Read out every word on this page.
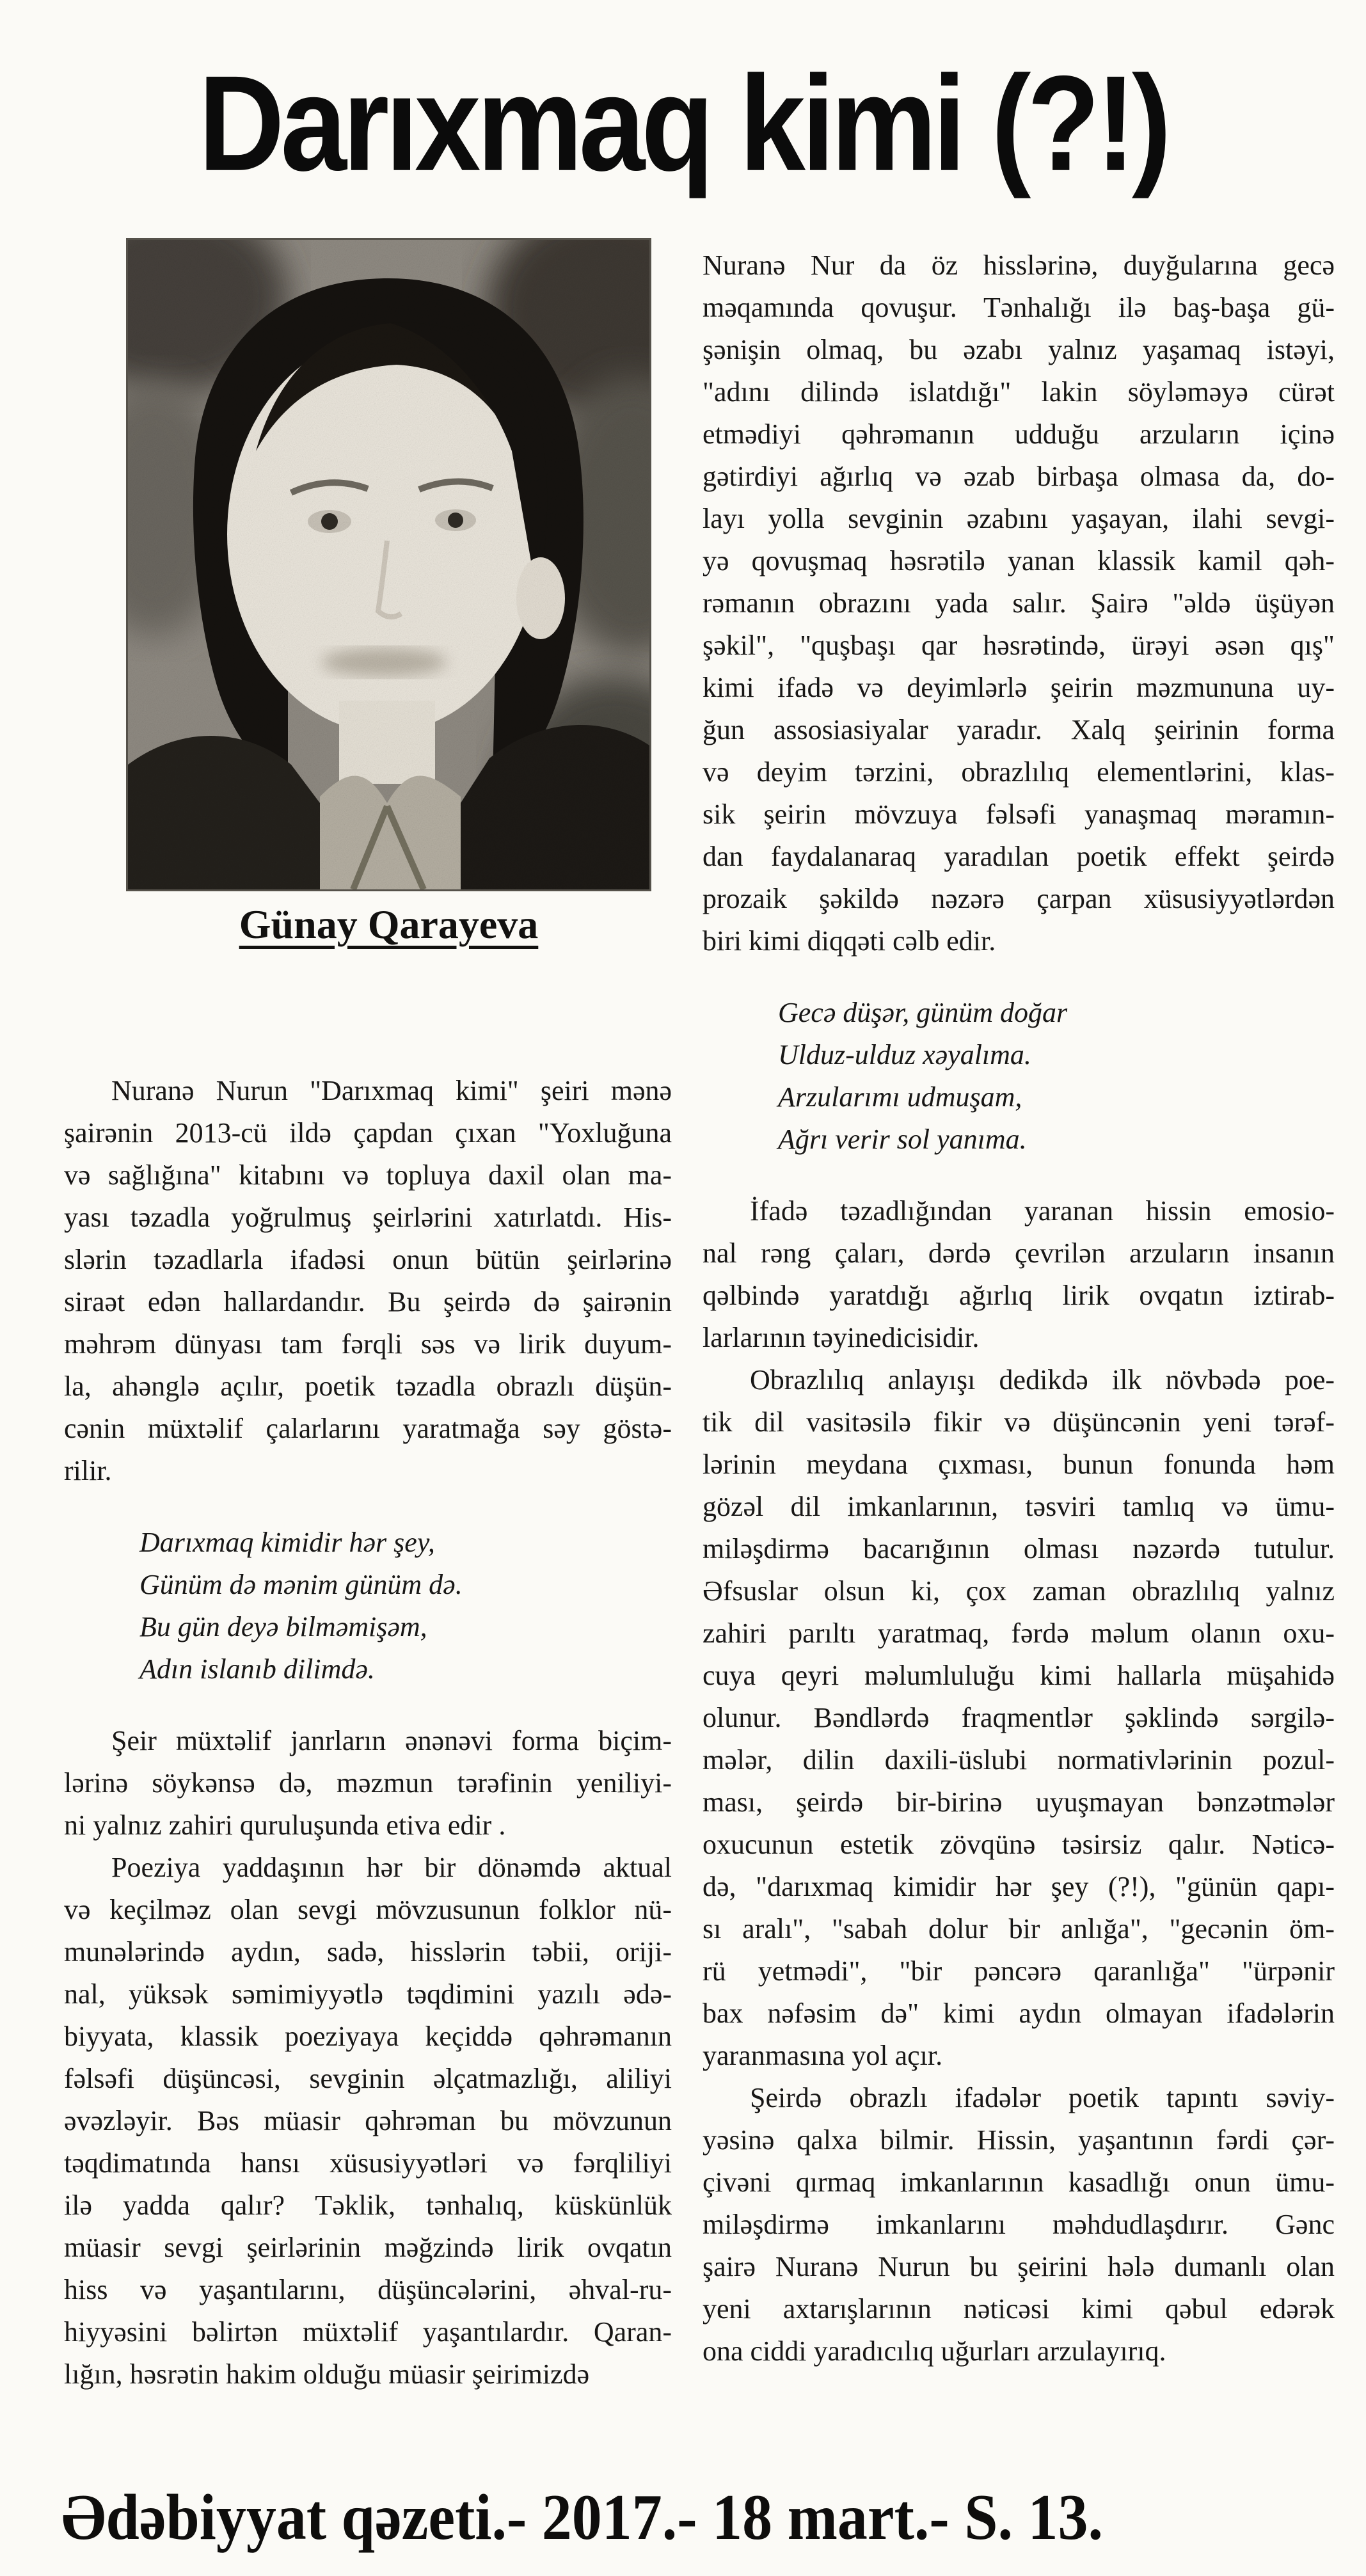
Darıxmaq kimi (?!)
Günay Qarayeva
Nuranə Nurun "Darıxmaq kimi" şeiri mənə
şairənin 2013-cü ildə çapdan çıxan "Yoxluğuna
və sağlığına" kitabını və topluya daxil olan ma-
yası təzadla yoğrulmuş şeirlərini xatırlatdı. His-
slərin təzadlarla ifadəsi onun bütün şeirlərinə
siraət edən hallardandır. Bu şeirdə də şairənin
məhrəm dünyası tam fərqli səs və lirik duyum-
la, ahənglə açılır, poetik təzadla obrazlı düşün-
cənin müxtəlif çalarlarını yaratmağa səy göstə-
rilir.
Darıxmaq kimidir hər şey,
Günüm də mənim günüm də.
Bu gün deyə bilməmişəm,
Adın islanıb dilimdə.
Şeir müxtəlif janrların ənənəvi forma biçim-
lərinə söykənsə də, məzmun tərəfinin yeniliyi-
ni yalnız zahiri quruluşunda etiva edir .
Poeziya yaddaşının hər bir dönəmdə aktual
və keçilməz olan sevgi mövzusunun folklor nü-
munələrində aydın, sadə, hisslərin təbii, oriji-
nal, yüksək səmimiyyətlə təqdimini yazılı ədə-
biyyata, klassik poeziyaya keçiddə qəhrəmanın
fəlsəfi düşüncəsi, sevginin əlçatmazlığı, aliliyi
əvəzləyir. Bəs müasir qəhrəman bu mövzunun
təqdimatında hansı xüsusiyyətləri və fərqliliyi
ilə yadda qalır? Təklik, tənhalıq, küskünlük
müasir sevgi şeirlərinin məğzində lirik ovqatın
hiss və yaşantılarını, düşüncələrini, əhval-ru-
hiyyəsini bəlirtən müxtəlif yaşantılardır. Qaran-
lığın, həsrətin hakim olduğu müasir şeirimizdə
Nuranə Nur da öz hisslərinə, duyğularına gecə
məqamında qovuşur. Tənhalığı ilə baş-başa gü-
şənişin olmaq, bu əzabı yalnız yaşamaq istəyi,
"adını dilində islatdığı" lakin söyləməyə cürət
etmədiyi qəhrəmanın udduğu arzuların içinə
gətirdiyi ağırlıq və əzab birbaşa olmasa da, do-
layı yolla sevginin əzabını yaşayan, ilahi sevgi-
yə qovuşmaq həsrətilə yanan klassik kamil qəh-
rəmanın obrazını yada salır. Şairə "əldə üşüyən
şəkil", "quşbaşı qar həsrətində, ürəyi əsən qış"
kimi ifadə və deyimlərlə şeirin məzmununa uy-
ğun assosiasiyalar yaradır. Xalq şeirinin forma
və deyim tərzini, obrazlılıq elementlərini, klas-
sik şeirin mövzuya fəlsəfi yanaşmaq məramın-
dan faydalanaraq yaradılan poetik effekt şeirdə
prozaik şəkildə nəzərə çarpan xüsusiyyətlərdən
biri kimi diqqəti cəlb edir.
Gecə düşər, günüm doğar
Ulduz-ulduz xəyalıma.
Arzularımı udmuşam,
Ağrı verir sol yanıma.
İfadə təzadlığından yaranan hissin emosio-
nal rəng çaları, dərdə çevrilən arzuların insanın
qəlbində yaratdığı ağırlıq lirik ovqatın iztirab-
larlarının təyinedicisidir.
Obrazlılıq anlayışı dedikdə ilk növbədə poe-
tik dil vasitəsilə fikir və düşüncənin yeni tərəf-
lərinin meydana çıxması, bunun fonunda həm
gözəl dil imkanlarının, təsviri tamlıq və ümu-
miləşdirmə bacarığının olması nəzərdə tutulur.
Əfsuslar olsun ki, çox zaman obrazlılıq yalnız
zahiri parıltı yaratmaq, fərdə məlum olanın oxu-
cuya qeyri məlumluluğu kimi hallarla müşahidə
olunur. Bəndlərdə fraqmentlər şəklində sərgilə-
mələr, dilin daxili-üslubi normativlərinin pozul-
ması, şeirdə bir-birinə uyuşmayan bənzətmələr
oxucunun estetik zövqünə təsirsiz qalır. Nəticə-
də, "darıxmaq kimidir hər şey (?!), "günün qapı-
sı aralı", "sabah dolur bir anlığa", "gecənin öm-
rü yetmədi", "bir pəncərə qaranlığa" "ürpənir
bax nəfəsim də" kimi aydın olmayan ifadələrin
yaranmasına yol açır.
Şeirdə obrazlı ifadələr poetik tapıntı səviy-
yəsinə qalxa bilmir. Hissin, yaşantının fərdi çər-
çivəni qırmaq imkanlarının kasadlığı onun ümu-
miləşdirmə imkanlarını məhdudlaşdırır. Gənc
şairə Nuranə Nurun bu şeirini hələ dumanlı olan
yeni axtarışlarının nəticəsi kimi qəbul edərək
ona ciddi yaradıcılıq uğurları arzulayırıq.
Ədəbiyyat qəzeti.- 2017.- 18 mart.- S. 13.
